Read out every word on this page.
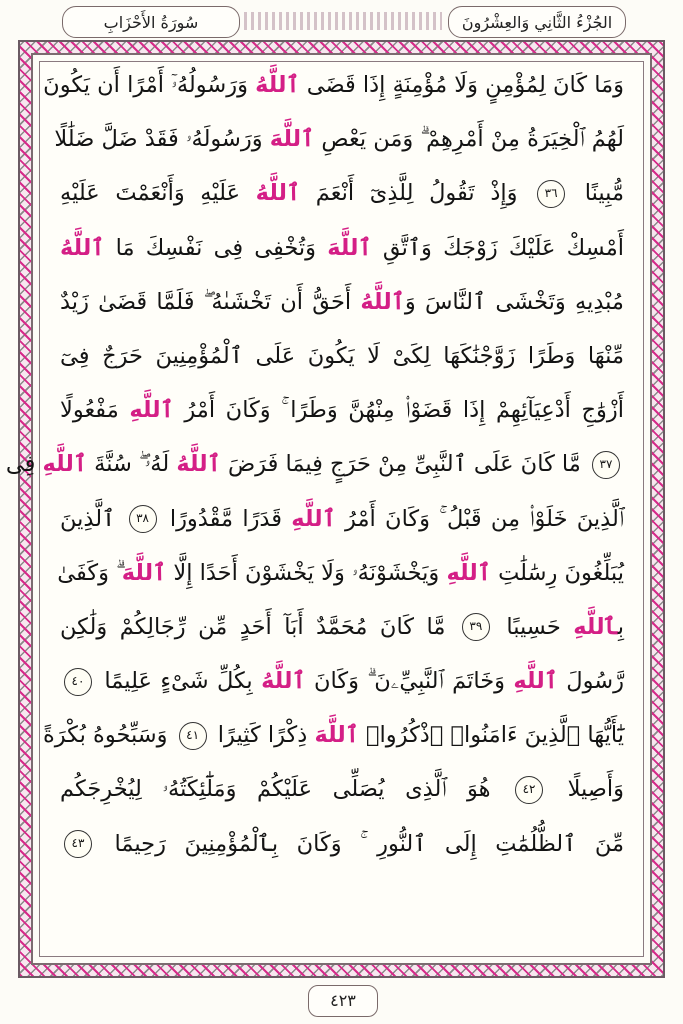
سُورَةُ الأَحْزَابِ	الجُزْءُ الثَّانِي وَالعِشْرُونَ
وَمَا كَانَ لِمُؤْمِنٍ وَلَا مُؤْمِنَةٍ إِذَا قَضَى ٱللَّهُ وَرَسُولُهُۥٓ أَمْرًا أَن يَكُونَ
لَهُمُ ٱلْخِيَرَةُ مِنْ أَمْرِهِمْ ۗ وَمَن يَعْصِ ٱللَّهَ وَرَسُولَهُۥ فَقَدْ ضَلَّ ضَلَٰلًا
مُّبِينًا ٣٦ وَإِذْ تَقُولُ لِلَّذِىٓ أَنْعَمَ ٱللَّهُ عَلَيْهِ وَأَنْعَمْتَ عَلَيْهِ
أَمْسِكْ عَلَيْكَ زَوْجَكَ وَٱتَّقِ ٱللَّهَ وَتُخْفِى فِى نَفْسِكَ مَا ٱللَّهُ
مُبْدِيهِ وَتَخْشَى ٱلنَّاسَ وَٱللَّهُ أَحَقُّ أَن تَخْشَىٰهُ ۖ فَلَمَّا قَضَىٰ زَيْدٌ
مِّنْهَا وَطَرًا زَوَّجْنَٰكَهَا لِكَىْ لَا يَكُونَ عَلَى ٱلْمُؤْمِنِينَ حَرَجٌ فِىٓ
أَزْوَٰجِ أَدْعِيَآئِهِمْ إِذَا قَضَوْا۟ مِنْهُنَّ وَطَرًا ۚ وَكَانَ أَمْرُ ٱللَّهِ مَفْعُولًا
٣٧ مَّا كَانَ عَلَى ٱلنَّبِىِّ مِنْ حَرَجٍ فِيمَا فَرَضَ ٱللَّهُ لَهُۥ ۖ سُنَّةَ ٱللَّهِ فِى
ٱلَّذِينَ خَلَوْا۟ مِن قَبْلُ ۚ وَكَانَ أَمْرُ ٱللَّهِ قَدَرًا مَّقْدُورًا ٣٨ ٱلَّذِينَ
يُبَلِّغُونَ رِسَٰلَٰتِ ٱللَّهِ وَيَخْشَوْنَهُۥ وَلَا يَخْشَوْنَ أَحَدًا إِلَّا ٱللَّهَ ۗ وَكَفَىٰ
بِٱللَّهِ حَسِيبًا ٣٩ مَّا كَانَ مُحَمَّدٌ أَبَآ أَحَدٍ مِّن رِّجَالِكُمْ وَلَٰكِن
رَّسُولَ ٱللَّهِ وَخَاتَمَ ٱلنَّبِيِّۦنَ ۗ وَكَانَ ٱللَّهُ بِكُلِّ شَىْءٍ عَلِيمًا ٤٠
يَٰٓأَيُّهَا ٱلَّذِينَ ءَامَنُوا۟ ٱذْكُرُوا۟ ٱللَّهَ ذِكْرًا كَثِيرًا ٤١ وَسَبِّحُوهُ بُكْرَةً
وَأَصِيلًا ٤٢ هُوَ ٱلَّذِى يُصَلِّى عَلَيْكُمْ وَمَلَٰٓئِكَتُهُۥ لِيُخْرِجَكُم
مِّنَ ٱلظُّلُمَٰتِ إِلَى ٱلنُّورِ ۚ وَكَانَ بِٱلْمُؤْمِنِينَ رَحِيمًا ٤٣
٤٢٣
